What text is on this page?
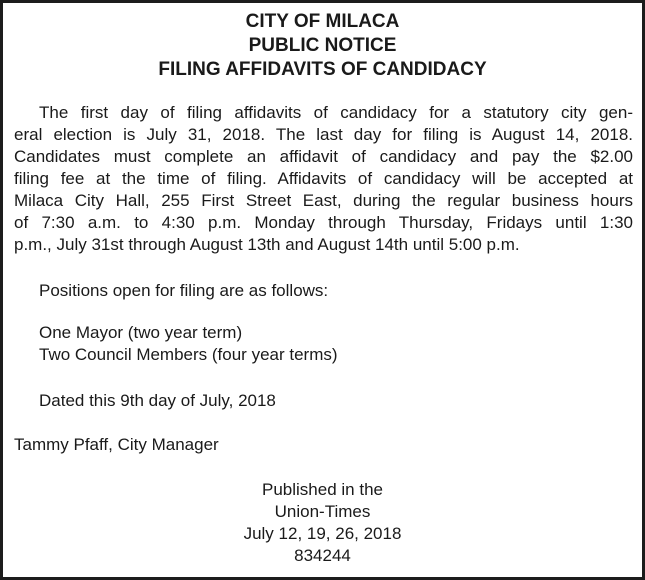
CITY OF MILACA
PUBLIC NOTICE
FILING AFFIDAVITS OF CANDIDACY
The first day of filing affidavits of candidacy for a statutory city gen-
eral election is July 31, 2018. The last day for filing is August 14, 2018.
Candidates must complete an affidavit of candidacy and pay the $2.00
filing fee at the time of filing. Affidavits of candidacy will be accepted at
Milaca City Hall, 255 First Street East, during the regular business hours
of 7:30 a.m. to 4:30 p.m. Monday through Thursday, Fridays until 1:30
p.m., July 31st through August 13th and August 14th until 5:00 p.m.
Positions open for filing are as follows:
One Mayor (two year term)
Two Council Members (four year terms)
Dated this 9th day of July, 2018
Tammy Pfaff, City Manager
Published in the
Union-Times
July 12, 19, 26, 2018
834244
